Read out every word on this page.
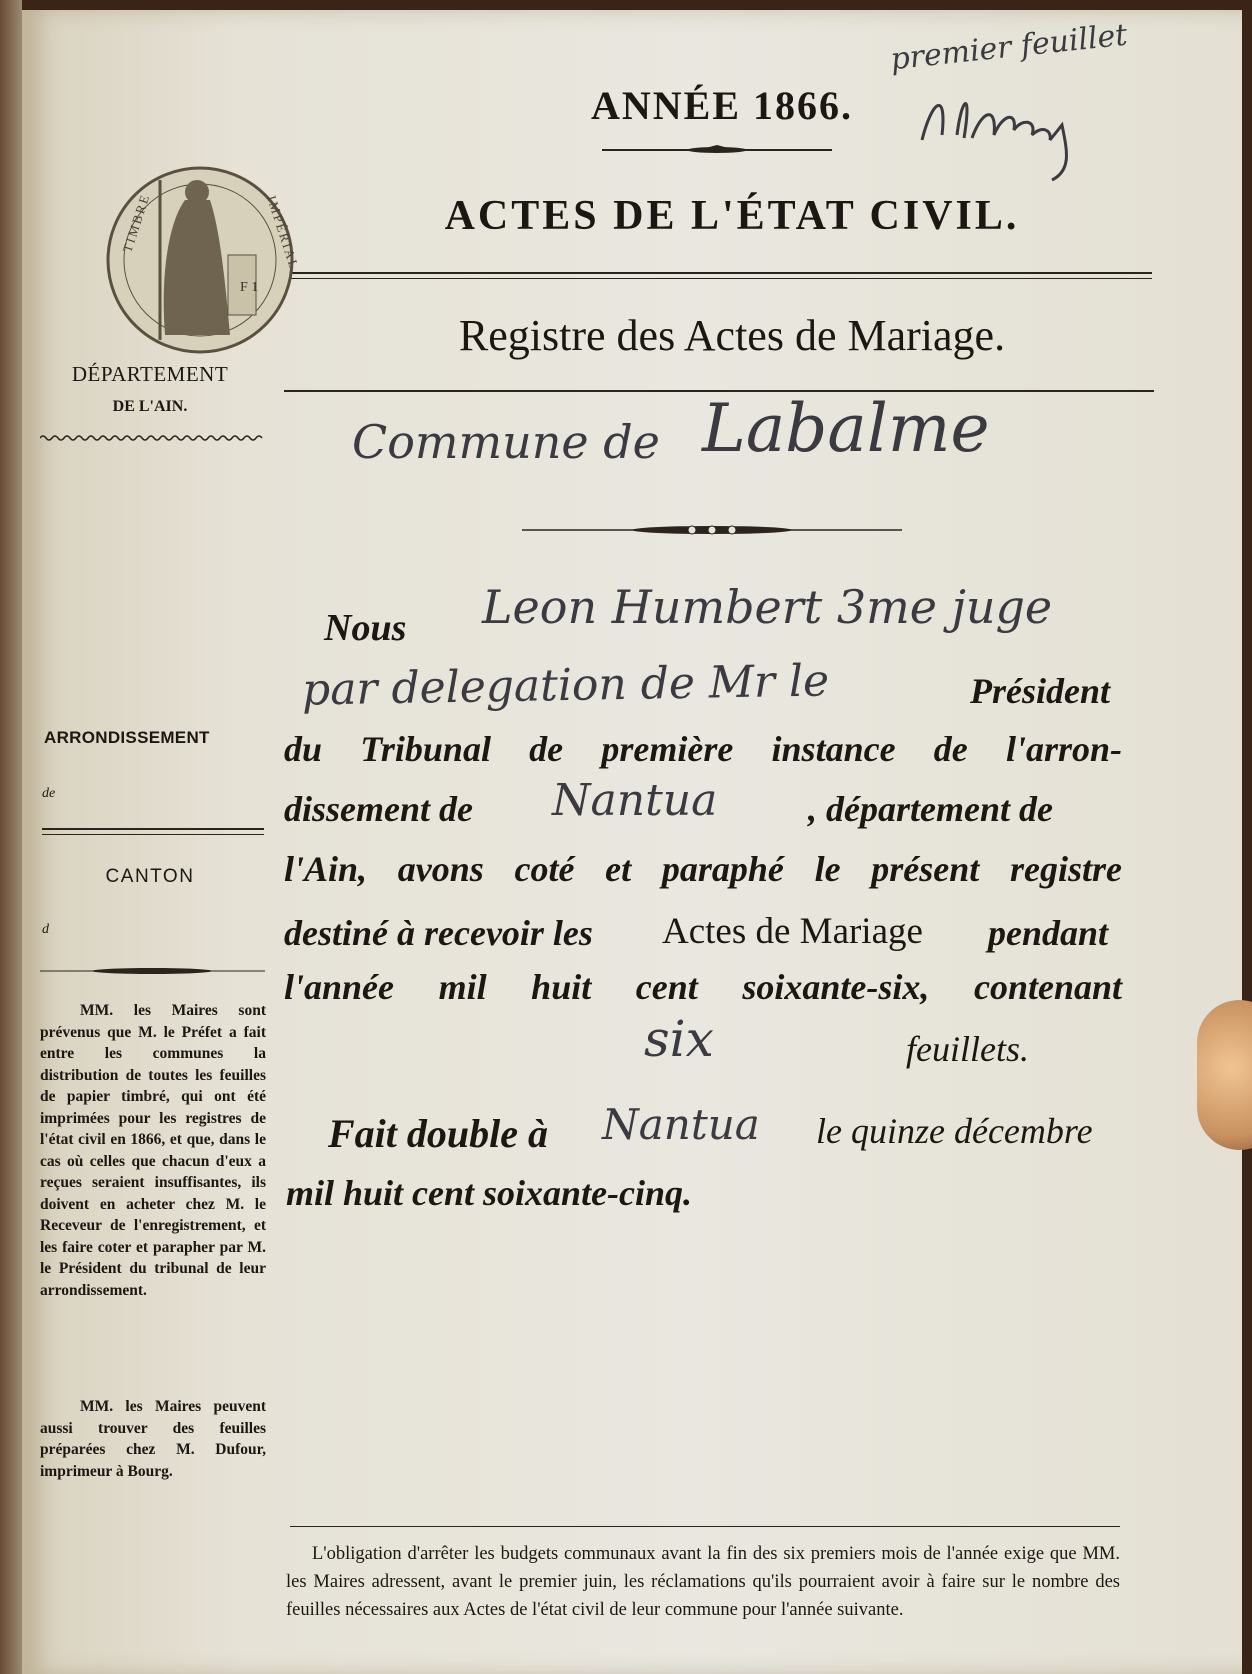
premier feuillet
ANNÉE 1866.
ACTES DE L'ÉTAT CIVIL.
Registre des Actes de Mariage.
Commune de Labalme
TIMBRE	IMPÉRIAL
F 1
DÉPARTEMENT
DE L'AIN.
ARRONDISSEMENT
de
CANTON
d
MM. les Maires sont prévenus que M. le Préfet a fait entre les communes la distribution de toutes les feuilles de papier timbré, qui ont été imprimées pour les registres de l'état civil en 1866, et que, dans le cas où celles que chacun d'eux a reçues seraient insuffisantes, ils doivent en acheter chez M. le Receveur de l'enregistrement, et les faire coter et parapher par M. le Président du tribunal de leur arrondissement.
MM. les Maires peuvent aussi trouver des feuilles préparées chez M. Dufour, imprimeur à Bourg.
Nous Leon Humbert 3me juge
par delegation de Mr le	Président
du Tribunal de première instance de l'arron-
dissement de Nantua	, département de
l'Ain, avons coté et paraphé le présent registre
destiné à recevoir les Actes de Mariage pendant
l'année mil huit cent soixante-six, contenant
six	feuillets.
Fait double à Nantua le quinze décembre
mil huit cent soixante-cinq.
L'obligation d'arrêter les budgets communaux avant la fin des six premiers mois de l'année exige que MM. les Maires adressent, avant le premier juin, les réclamations qu'ils pourraient avoir à faire sur le nombre des feuilles nécessaires aux Actes de l'état civil de leur commune pour l'année suivante.
